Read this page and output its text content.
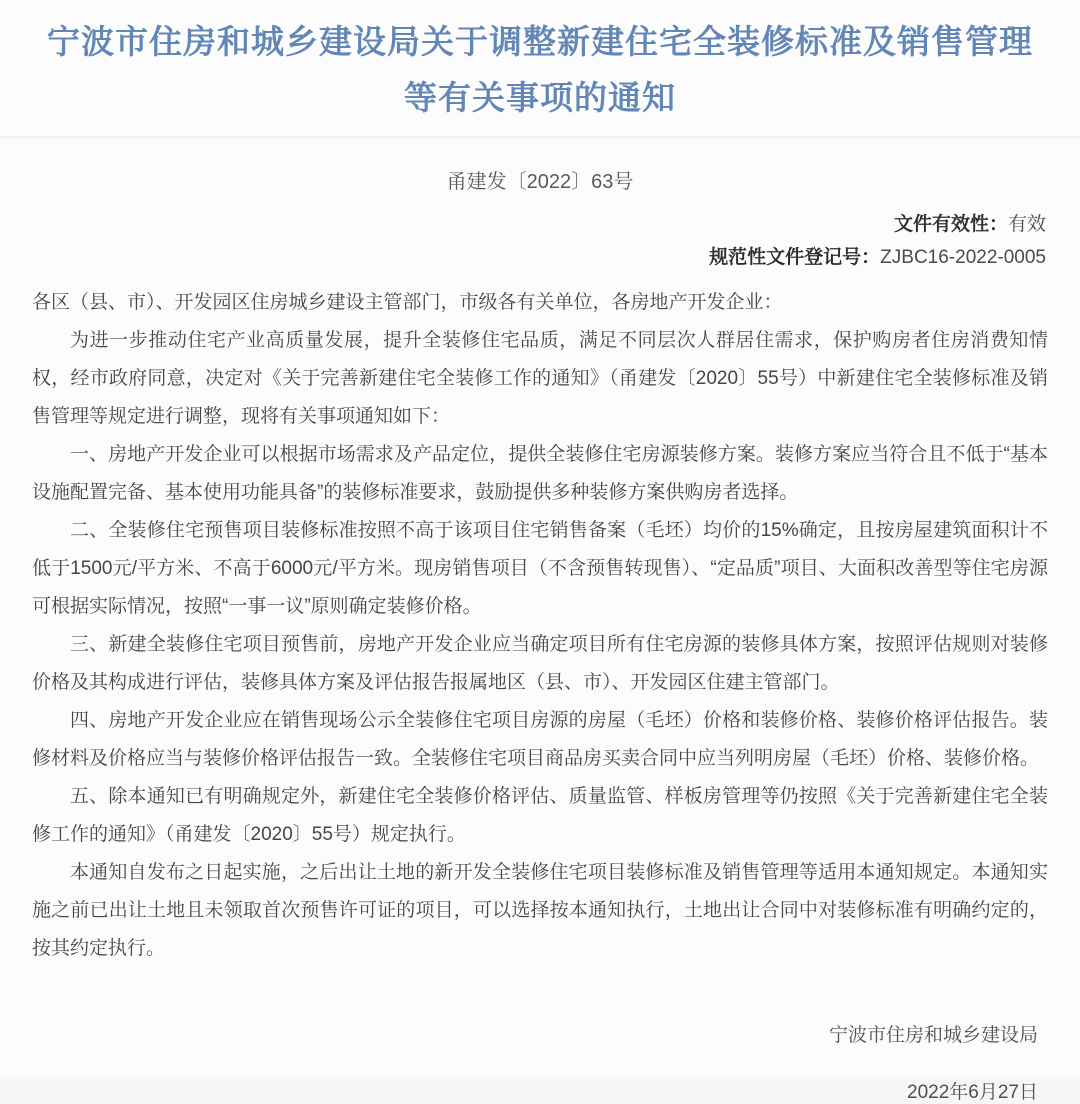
宁波市住房和城乡建设局关于调整新建住宅全装修标准及销售管理
等有关事项的通知
甬建发〔2022〕63号
文件有效性：有效
规范性文件登记号：ZJBC16-2022-0005

各区（县、市）、开发园区住房城乡建设主管部门，市级各有关单位，各房地产开发企业：

为进一步推动住宅产业高质量发展，提升全装修住宅品质，满足不同层次人群居住需求，保护购房者住房消费知情权，经市政府同意，决定对《关于完善新建住宅全装修工作的通知》（甬建发〔2020〕55号）中新建住宅全装修标准及销售管理等规定进行调整，现将有关事项通知如下：

一、房地产开发企业可以根据市场需求及产品定位，提供全装修住宅房源装修方案。装修方案应当符合且不低于“基本设施配置完备、基本使用功能具备”的装修标准要求，鼓励提供多种装修方案供购房者选择。

二、全装修住宅预售项目装修标准按照不高于该项目住宅销售备案（毛坯）均价的15%确定，且按房屋建筑面积计不低于1500元/平方米、不高于6000元/平方米。现房销售项目（不含预售转现售）、“定品质”项目、大面积改善型等住宅房源可根据实际情况，按照“一事一议”原则确定装修价格。

三、新建全装修住宅项目预售前，房地产开发企业应当确定项目所有住宅房源的装修具体方案，按照评估规则对装修价格及其构成进行评估，装修具体方案及评估报告报属地区（县、市）、开发园区住建主管部门。

四、房地产开发企业应在销售现场公示全装修住宅项目房源的房屋（毛坯）价格和装修价格、装修价格评估报告。装修材料及价格应当与装修价格评估报告一致。全装修住宅项目商品房买卖合同中应当列明房屋（毛坯）价格、装修价格。

五、除本通知已有明确规定外，新建住宅全装修价格评估、质量监管、样板房管理等仍按照《关于完善新建住宅全装修工作的通知》（甬建发〔2020〕55号）规定执行。

本通知自发布之日起实施，之后出让土地的新开发全装修住宅项目装修标准及销售管理等适用本通知规定。本通知实施之前已出让土地且未领取首次预售许可证的项目，可以选择按本通知执行，土地出让合同中对装修标准有明确约定的，按其约定执行。

宁波市住房和城乡建设局
2022年6月27日
